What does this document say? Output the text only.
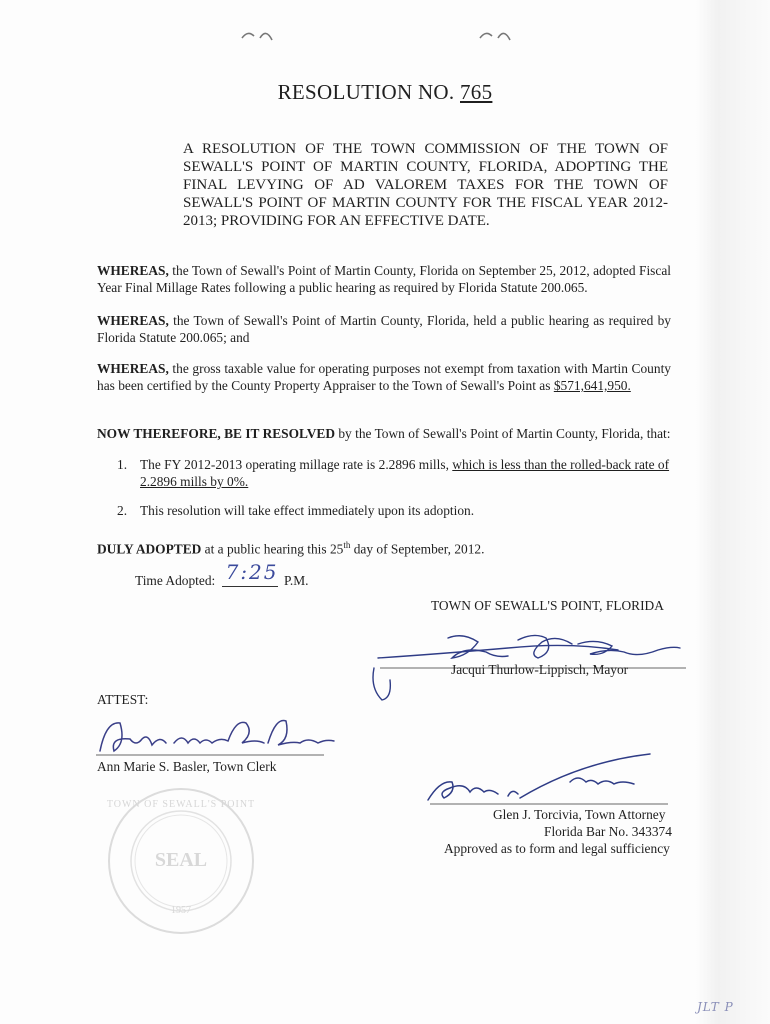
RESOLUTION NO. 765

A RESOLUTION OF THE TOWN COMMISSION OF THE TOWN OF SEWALL'S POINT OF MARTIN COUNTY, FLORIDA, ADOPTING THE FINAL LEVYING OF AD VALOREM TAXES FOR THE TOWN OF SEWALL'S POINT OF MARTIN COUNTY FOR THE FISCAL YEAR 2012-2013; PROVIDING FOR AN EFFECTIVE DATE.

WHEREAS, the Town of Sewall's Point of Martin County, Florida on September 25, 2012, adopted Fiscal Year Final Millage Rates following a public hearing as required by Florida Statute 200.065.

WHEREAS, the Town of Sewall's Point of Martin County, Florida, held a public hearing as required by Florida Statute 200.065; and

WHEREAS, the gross taxable value for operating purposes not exempt from taxation with Martin County has been certified by the County Property Appraiser to the Town of Sewall's Point as $571,641,950.

NOW THEREFORE, BE IT RESOLVED by the Town of Sewall's Point of Martin County, Florida, that:

1. The FY 2012-2013 operating millage rate is 2.2896 mills, which is less than the rolled-back rate of 2.2896 mills by 0%.
2. This resolution will take effect immediately upon its adoption.

DULY ADOPTED at a public hearing this 25th day of September, 2012.

Time Adopted: 7:25 P.M.
TOWN OF SEWALL'S POINT, FLORIDA
Jacqui Thurlow-Lippisch, Mayor
ATTEST:
Ann Marie S. Basler, Town Clerk
TOWN OF SEWALL'S POINT
SEAL
1957
Glen J. Torcivia, Town Attorney
Florida Bar No. 343374
Approved as to form and legal sufficiency
JLT P
